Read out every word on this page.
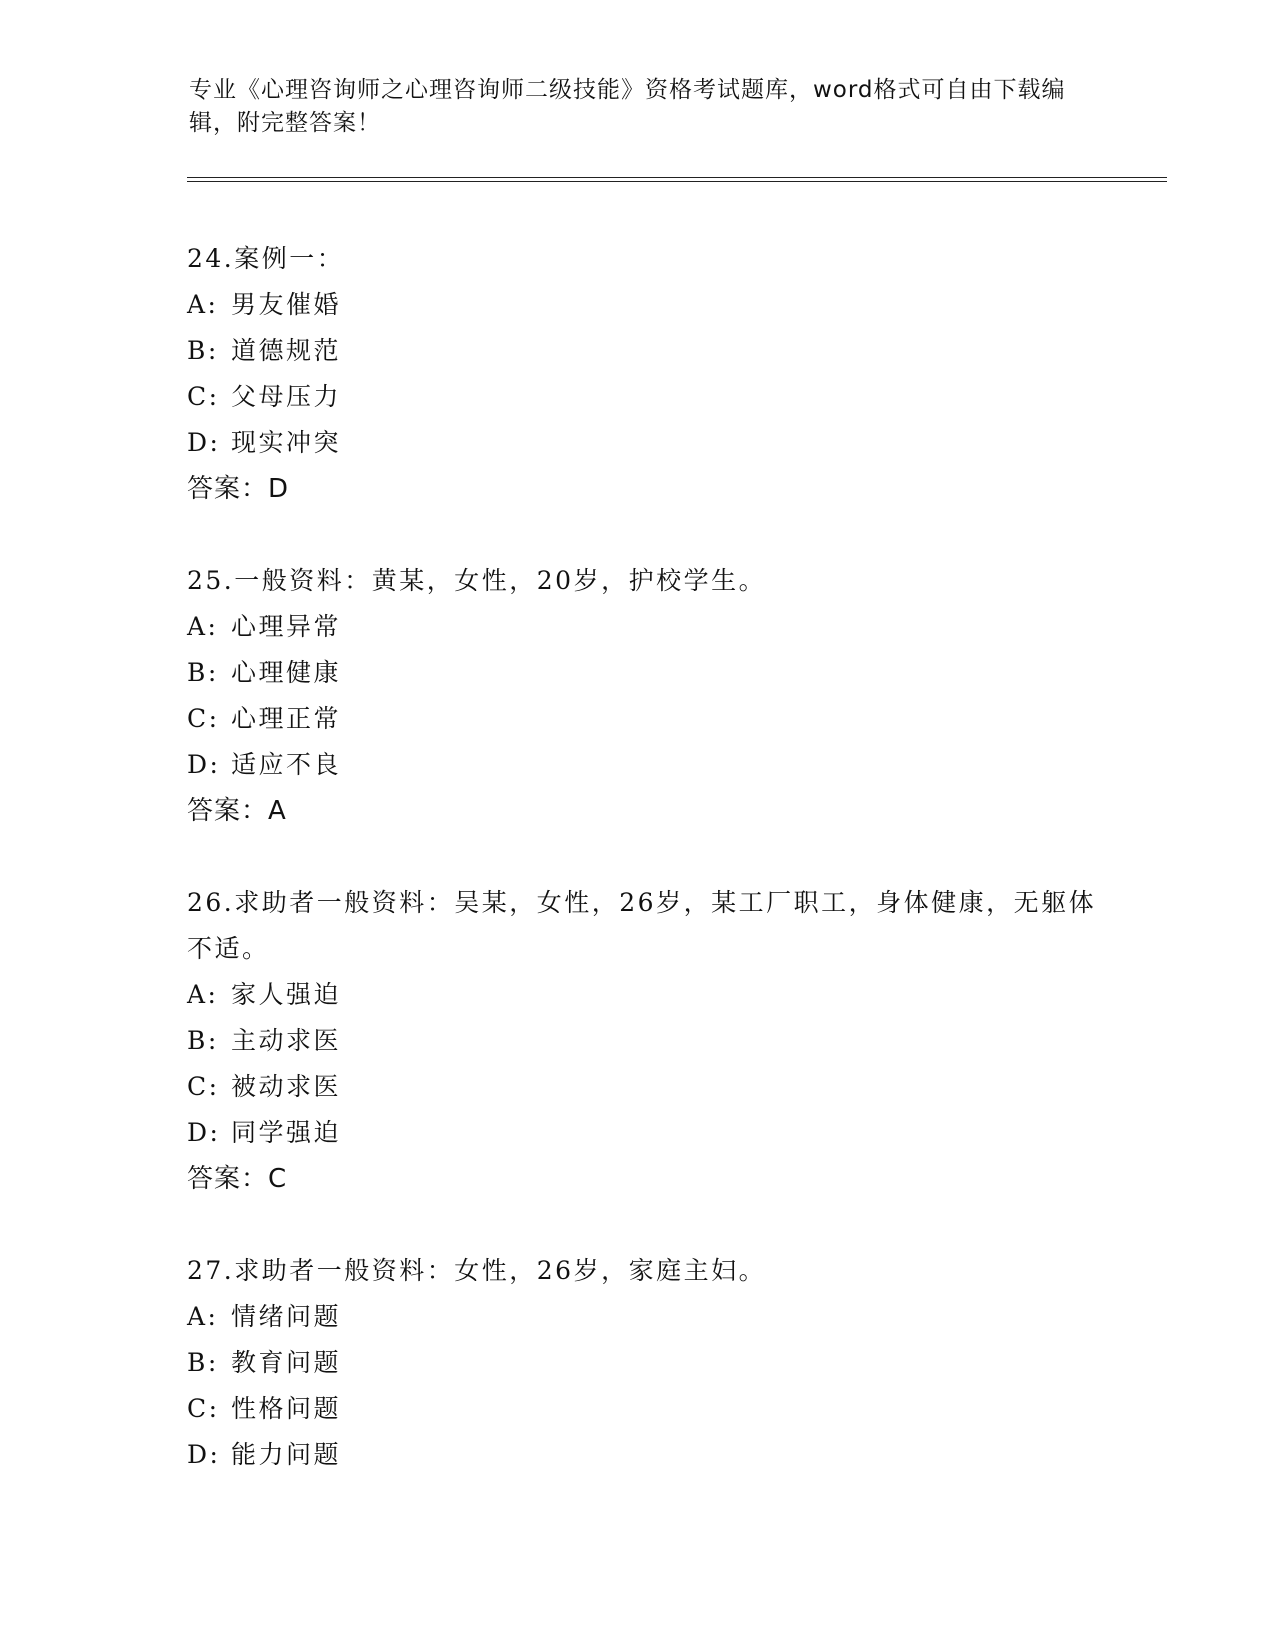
专业《心理咨询师之心理咨询师二级技能》资格考试题库，word格式可自由下载编辑，附完整答案！
24.案例一：
A: 男友催婚
B: 道德规范
C: 父母压力
D: 现实冲突
答案：D
25.一般资料：黄某，女性，20岁，护校学生。
A: 心理异常
B: 心理健康
C: 心理正常
D: 适应不良
答案：A
26.求助者一般资料：吴某，女性，26岁，某工厂职工，身体健康，无躯体不适。
A: 家人强迫
B: 主动求医
C: 被动求医
D: 同学强迫
答案：C
27.求助者一般资料：女性，26岁，家庭主妇。
A: 情绪问题
B: 教育问题
C: 性格问题
D: 能力问题
